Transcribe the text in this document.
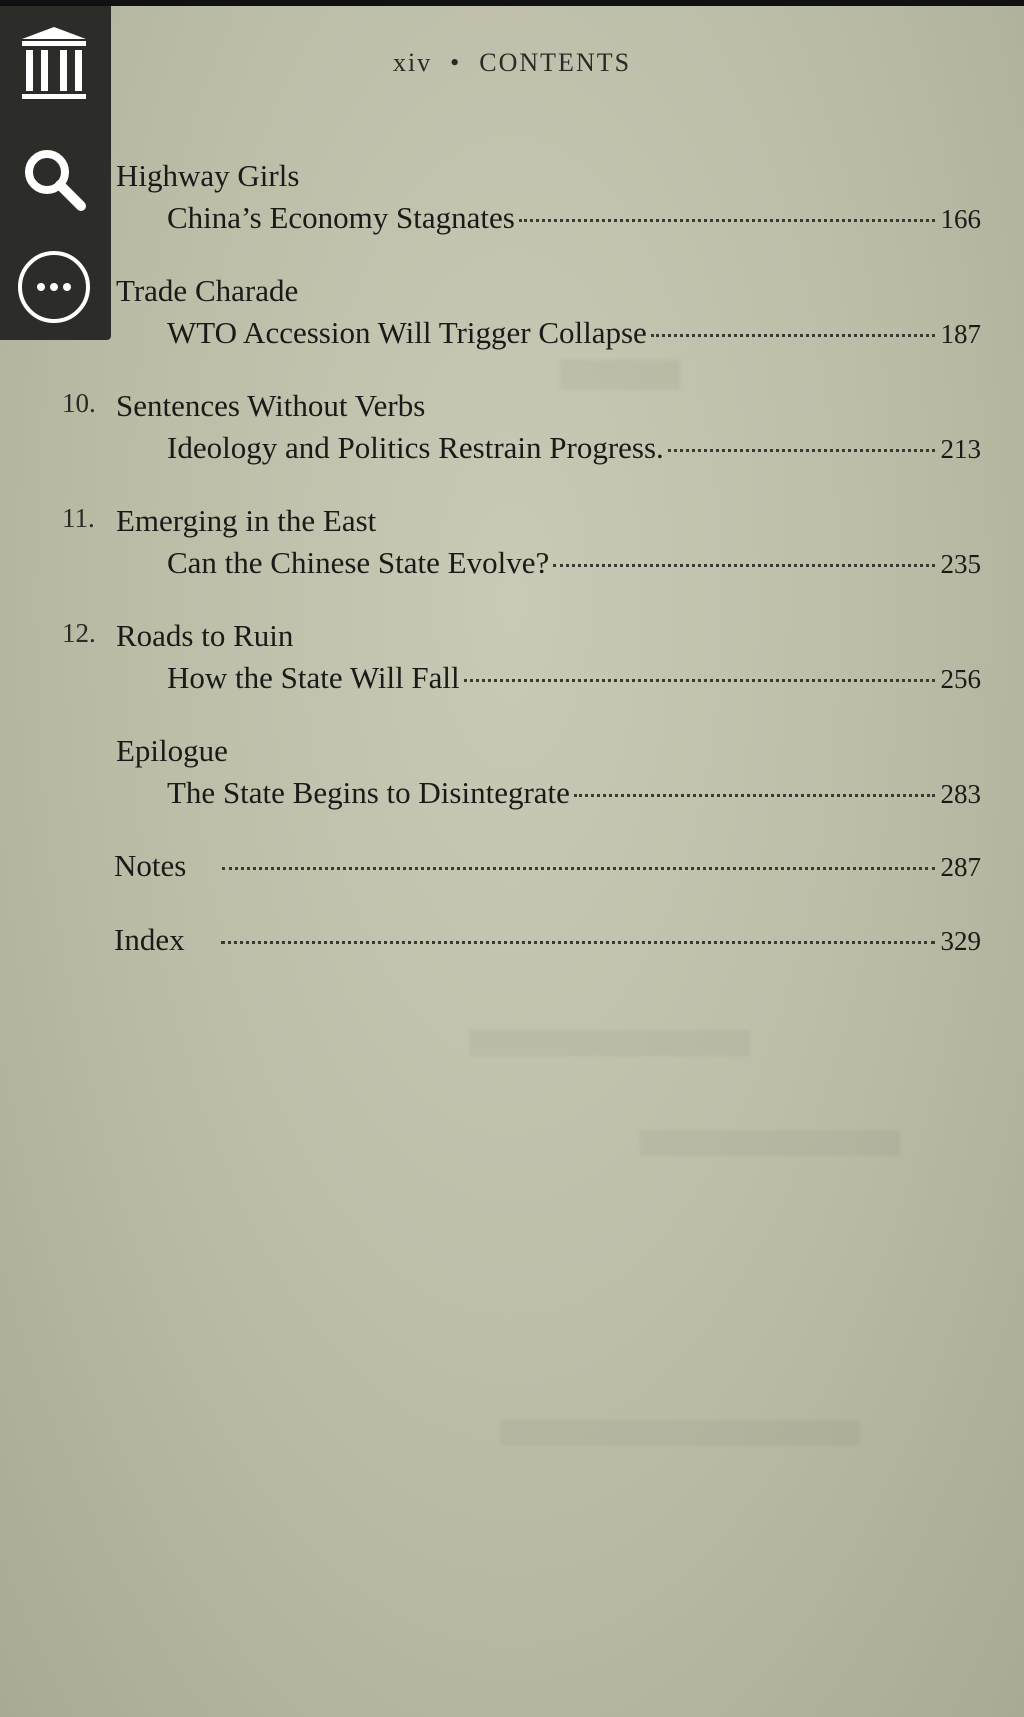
xiv • CONTENTS
Highway Girls
China’s Economy Stagnates	166
Trade Charade
WTO Accession Will Trigger Collapse	187
10. Sentences Without Verbs
Ideology and Politics Restrain Progress.	213
11. Emerging in the East
Can the Chinese State Evolve?	235
12. Roads to Ruin
How the State Will Fall	256
Epilogue
The State Begins to Disintegrate	283
Notes	287
Index	329
